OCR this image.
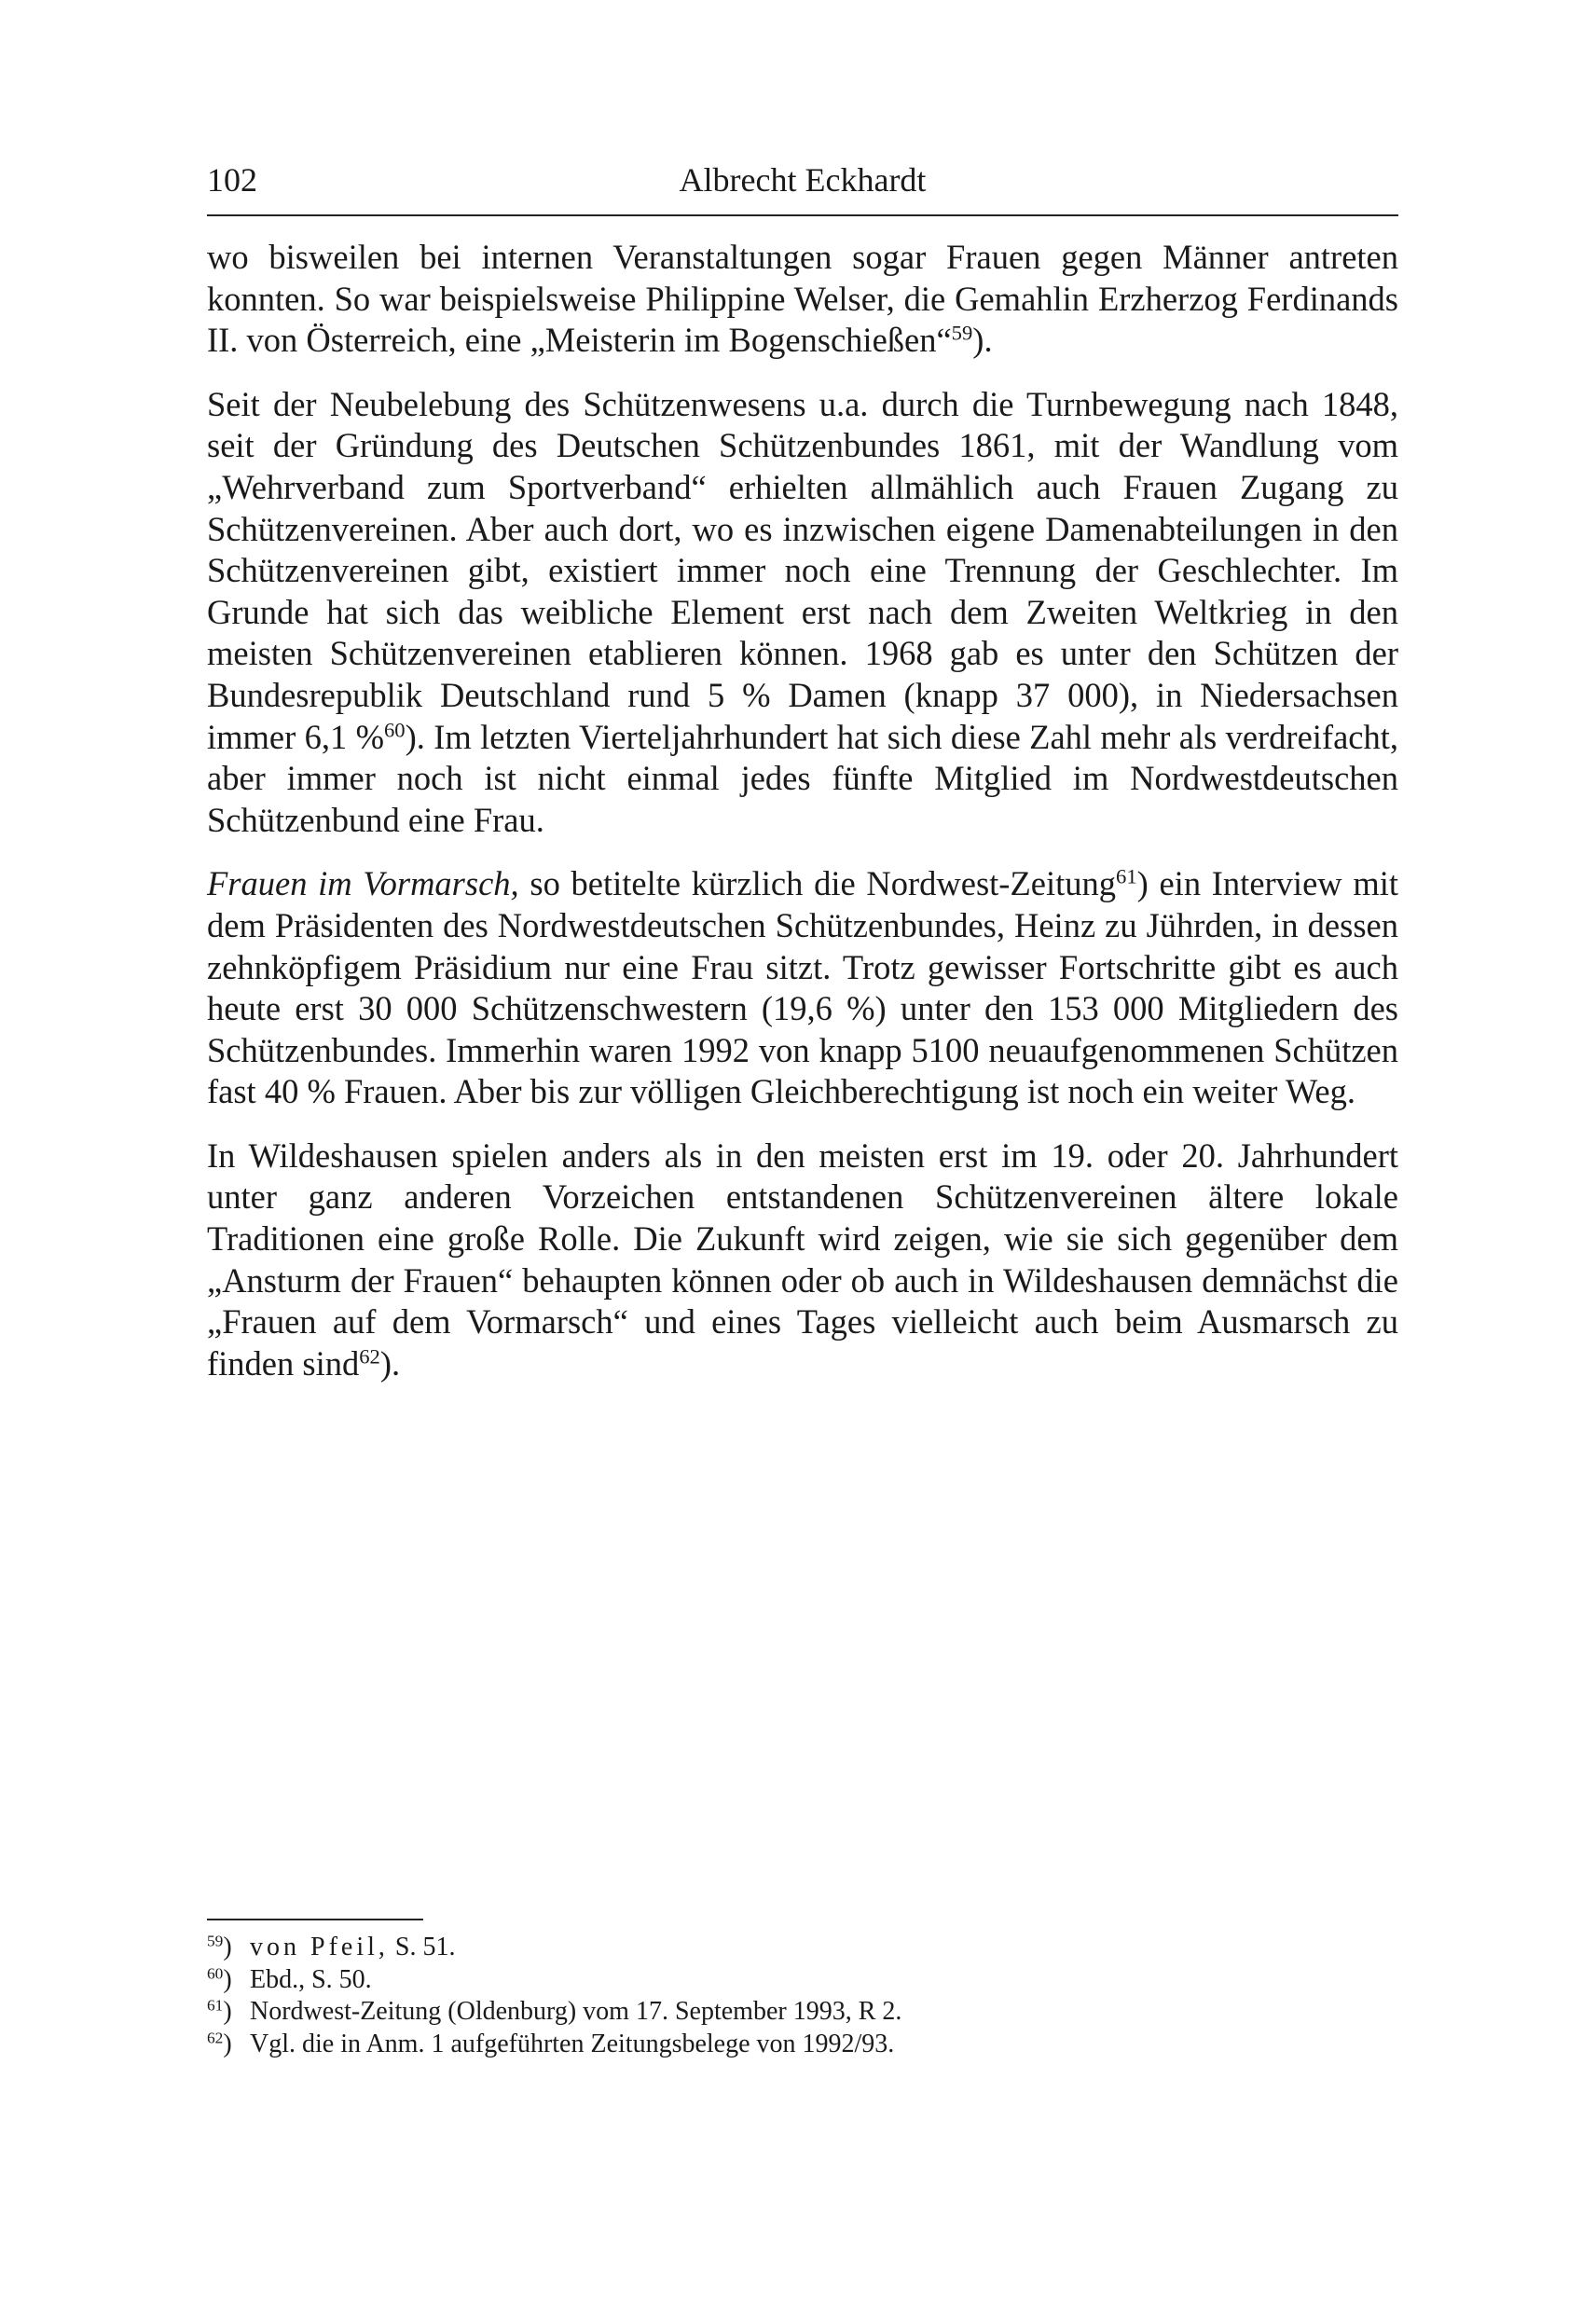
102	Albrecht Eckhardt

wo bisweilen bei internen Veranstaltungen sogar Frauen gegen Männer antreten konnten. So war beispielsweise Philippine Welser, die Gemahlin Erzherzog Ferdinands II. von Österreich, eine „Meisterin im Bogenschießen“$^{59}$).

Seit der Neubelebung des Schützenwesens u.a. durch die Turnbewegung nach 1848, seit der Gründung des Deutschen Schützenbundes 1861, mit der Wandlung vom „Wehrverband zum Sportverband“ erhielten allmählich auch Frauen Zugang zu Schützenvereinen. Aber auch dort, wo es inzwischen eigene Damenabteilungen in den Schützenvereinen gibt, existiert immer noch eine Trennung der Geschlechter. Im Grunde hat sich das weibliche Element erst nach dem Zweiten Weltkrieg in den meisten Schützenvereinen etablieren können. 1968 gab es unter den Schützen der Bundesrepublik Deutschland rund 5 % Damen (knapp 37 000), in Niedersachsen immer 6,1 %$^{60}$). Im letzten Vierteljahrhundert hat sich diese Zahl mehr als verdreifacht, aber immer noch ist nicht einmal jedes fünfte Mitglied im Nordwestdeutschen Schützenbund eine Frau.

Frauen im Vormarsch, so betitelte kürzlich die Nordwest-Zeitung$^{61}$) ein Interview mit dem Präsidenten des Nordwestdeutschen Schützenbundes, Heinz zu Jührden, in dessen zehnköpfigem Präsidium nur eine Frau sitzt. Trotz gewisser Fortschritte gibt es auch heute erst 30 000 Schützenschwestern (19,6 %) unter den 153 000 Mitgliedern des Schützenbundes. Immerhin waren 1992 von knapp 5100 neuaufgenommenen Schützen fast 40 % Frauen. Aber bis zur völligen Gleichberechtigung ist noch ein weiter Weg.

In Wildeshausen spielen anders als in den meisten erst im 19. oder 20. Jahrhundert unter ganz anderen Vorzeichen entstandenen Schützenvereinen ältere lokale Traditionen eine große Rolle. Die Zukunft wird zeigen, wie sie sich gegenüber dem „Ansturm der Frauen“ behaupten können oder ob auch in Wildeshausen demnächst die „Frauen auf dem Vormarsch“ und eines Tages vielleicht auch beim Ausmarsch zu finden sind$^{62}$).

$^{59}$) von Pfeil, S. 51.
$^{60}$) Ebd., S. 50.
$^{61}$) Nordwest-Zeitung (Oldenburg) vom 17. September 1993, R 2.
$^{62}$) Vgl. die in Anm. 1 aufgeführten Zeitungsbelege von 1992/93.
